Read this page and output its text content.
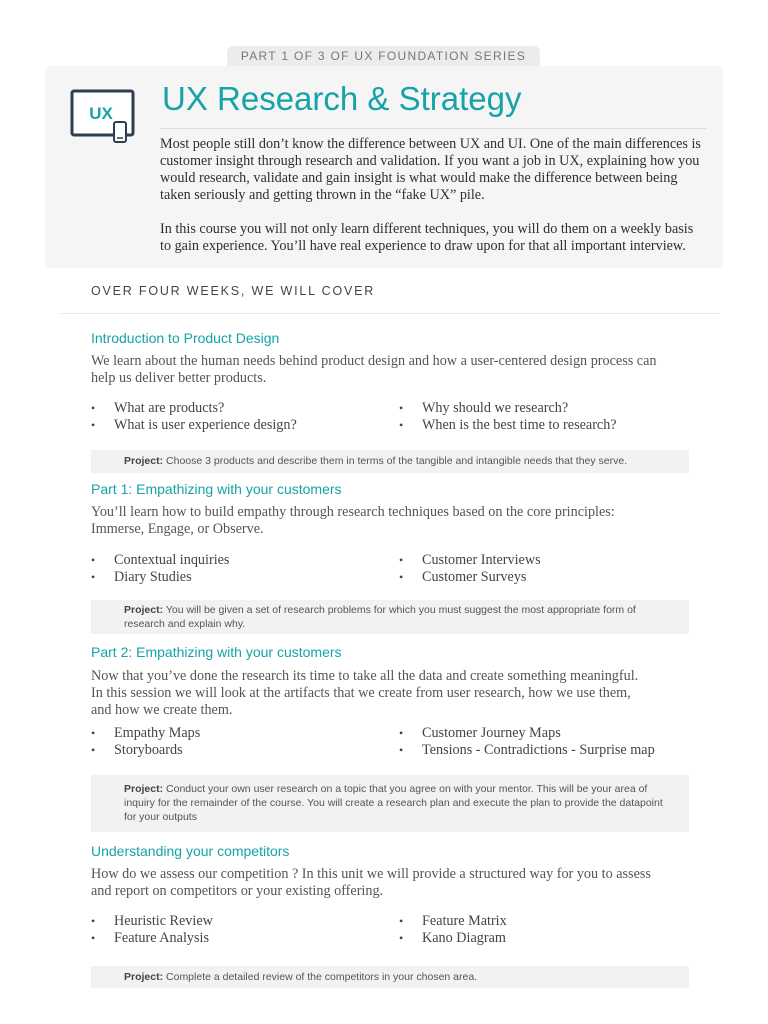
PART 1 OF 3 OF UX FOUNDATION SERIES
UX UX Research & Strategy

Most people still don’t know the difference between UX and UI. One of the main differences is customer insight through research and validation. If you want a job in UX, explaining how you would research, validate and gain insight is what would make the difference between being taken seriously and getting thrown in the “fake UX” pile.

In this course you will not only learn different techniques, you will do them on a weekly basis to gain experience. You’ll have real experience to draw upon for that all important interview.

OVER FOUR WEEKS, WE WILL COVER
Introduction to Product Design

We learn about the human needs behind product design and how a user-centered design process can help us deliver better products.

• What are products?
• What is user experience design?
• Why should we research?
• When is the best time to research?
Project: Choose 3 products and describe them in terms of the tangible and intangible needs that they serve.
Part 1: Empathizing with your customers

You’ll learn how to build empathy through research techniques based on the core principles: Immerse, Engage, or Observe.

• Contextual inquiries
• Diary Studies
• Customer Interviews
• Customer Surveys
Project: You will be given a set of research problems for which you must suggest the most appropriate form of research and explain why.
Part 2: Empathizing with your customers

Now that you’ve done the research its time to take all the data and create something meaningful. In this session we will look at the artifacts that we create from user research, how we use them, and how we create them.

• Empathy Maps
• Storyboards
• Customer Journey Maps
• Tensions - Contradictions - Surprise map
Project: Conduct your own user research on a topic that you agree on with your mentor. This will be your area of inquiry for the remainder of the course. You will create a research plan and execute the plan to provide the datapoint for your outputs
Understanding your competitors

How do we assess our competition ? In this unit we will provide a structured way for you to assess and report on competitors or your existing offering.

• Heuristic Review
• Feature Analysis
• Feature Matrix
• Kano Diagram
Project: Complete a detailed review of the competitors in your chosen area.
